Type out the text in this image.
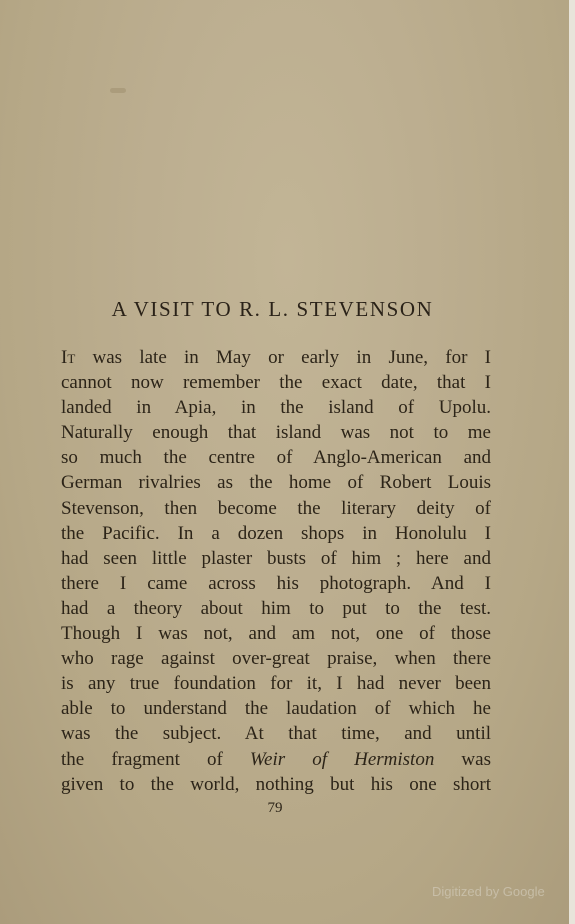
A VISIT TO R. L. STEVENSON
It was late in May or early in June, for I
cannot now remember the exact date, that I
landed in Apia, in the island of Upolu.
Naturally enough that island was not to me
so much the centre of Anglo-American and
German rivalries as the home of Robert Louis
Stevenson, then become the literary deity of
the Pacific. In a dozen shops in Honolulu I
had seen little plaster busts of him ; here and
there I came across his photograph. And I
had a theory about him to put to the test.
Though I was not, and am not, one of those
who rage against over-great praise, when there
is any true foundation for it, I had never been
able to understand the laudation of which he
was the subject. At that time, and until
the fragment of Weir of Hermiston was
given to the world, nothing but his one short
79
Digitized by Google
